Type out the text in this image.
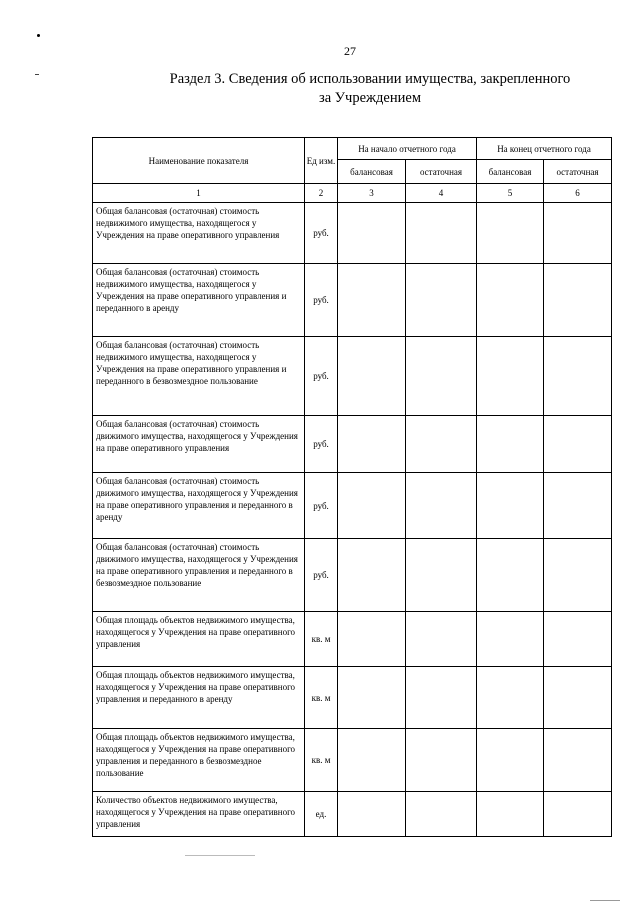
27
Раздел 3. Сведения об использовании имущества, закрепленного
за Учреждением
Наименование показателя	Ед изм.	На начало отчетного года		На конец отчетного года	
		балансовая	остаточная	балансовая	остаточная
1	2	3	4	5	6
Общая балансовая (остаточная) стоимость недвижимого имущества, находящегося у Учреждения на праве оперативного управления	руб.				
Общая балансовая (остаточная) стоимость недвижимого имущества, находящегося у Учреждения на праве оперативного управления и переданного в аренду	руб.				
Общая балансовая (остаточная) стоимость недвижимого имущества, находящегося у Учреждения на праве оперативного управления и переданного в безвозмездное пользование	руб.				
Общая балансовая (остаточная) стоимость движимого имущества, находящегося у Учреждения на праве оперативного управления	руб.				
Общая балансовая (остаточная) стоимость движимого имущества, находящегося у Учреждения на праве оперативного управления и переданного в аренду	руб.				
Общая балансовая (остаточная) стоимость движимого имущества, находящегося у Учреждения на праве оперативного управления и переданного в безвозмездное пользование	руб.				
Общая площадь объектов недвижимого имущества, находящегося у Учреждения на праве оперативного управления	кв. м				
Общая площадь объектов недвижимого имущества, находящегося у Учреждения на праве оперативного управления и переданного в аренду	кв. м				
Общая площадь объектов недвижимого имущества, находящегося у Учреждения на праве оперативного управления и переданного в безвозмездное пользование	кв. м				
Количество объектов недвижимого имущества, находящегося у Учреждения на праве оперативного управления	ед.				
